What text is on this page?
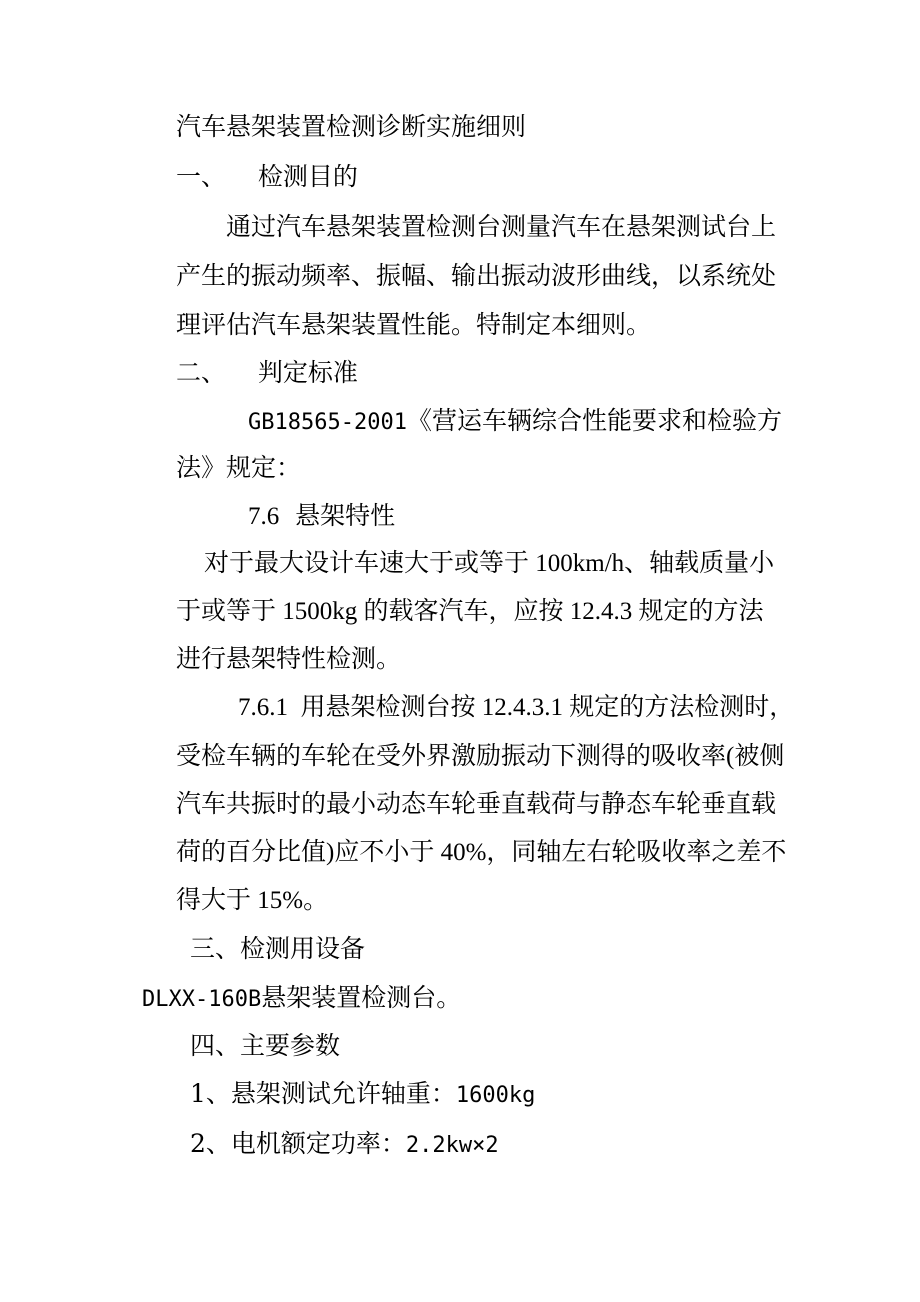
汽车悬架装置检测诊断实施细则
一、 检测目的
通过汽车悬架装置检测台测量汽车在悬架测试台上
产生的振动频率、振幅、输出振动波形曲线，以系统处
理评估汽车悬架装置性能。特制定本细则。
二、 判定标准
GB18565-2001《营运车辆综合性能要求和检验方
法》规定：
7.6 悬架特性
对于最大设计车速大于或等于 100km/h、轴载质量小
于或等于 1500kg 的载客汽车，应按 12.4.3 规定的方法
进行悬架特性检测。
7.6.1 用悬架检测台按 12.4.3.1 规定的方法检测时，
受检车辆的车轮在受外界激励振动下测得的吸收率(被侧
汽车共振时的最小动态车轮垂直载荷与静态车轮垂直载
荷的百分比值)应不小于 40%，同轴左右轮吸收率之差不
得大于 15%。
三、检测用设备
DLXX-160B悬架装置检测台。
四、主要参数
1、悬架测试允许轴重：1600kg
2、电机额定功率：2.2kw×2
